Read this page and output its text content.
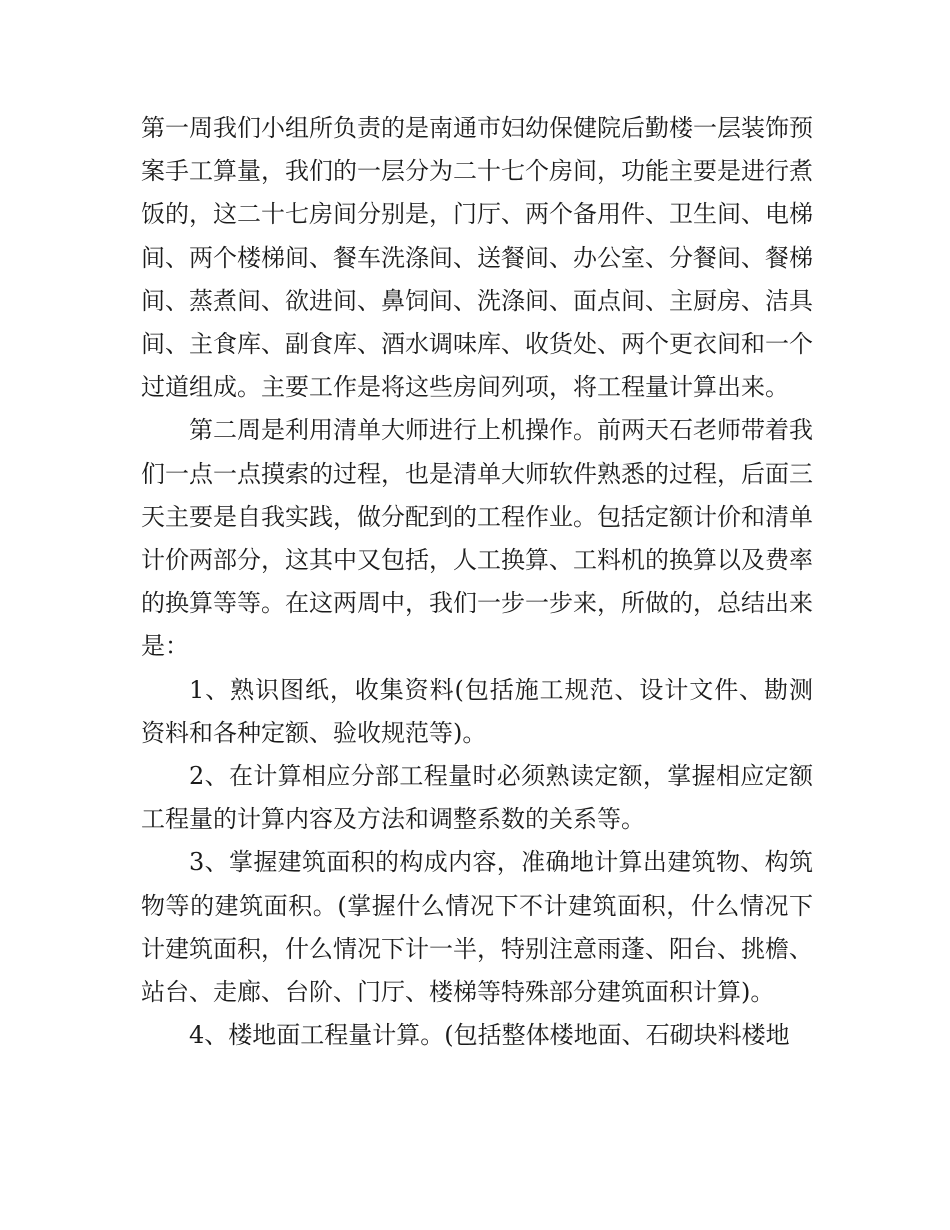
第一周我们小组所负责的是南通市妇幼保健院后勤楼一层装饰预案手工算量，我们的一层分为二十七个房间，功能主要是进行煮饭的，这二十七房间分别是，门厅、两个备用件、卫生间、电梯间、两个楼梯间、餐车洗涤间、送餐间、办公室、分餐间、餐梯间、蒸煮间、欲进间、鼻饲间、洗涤间、面点间、主厨房、洁具间、主食库、副食库、酒水调味库、收货处、两个更衣间和一个过道组成。主要工作是将这些房间列项，将工程量计算出来。

第二周是利用清单大师进行上机操作。前两天石老师带着我们一点一点摸索的过程，也是清单大师软件熟悉的过程，后面三天主要是自我实践，做分配到的工程作业。包括定额计价和清单计价两部分，这其中又包括，人工换算、工料机的换算以及费率的换算等等。在这两周中，我们一步一步来，所做的，总结出来是：

1、熟识图纸，收集资料(包括施工规范、设计文件、勘测资料和各种定额、验收规范等)。

2、在计算相应分部工程量时必须熟读定额，掌握相应定额工程量的计算内容及方法和调整系数的关系等。

3、掌握建筑面积的构成内容，准确地计算出建筑物、构筑物等的建筑面积。(掌握什么情况下不计建筑面积，什么情况下计建筑面积，什么情况下计一半，特别注意雨蓬、阳台、挑檐、站台、走廊、台阶、门厅、楼梯等特殊部分建筑面积计算)。

4、楼地面工程量计算。(包括整体楼地面、石砌块料楼地
